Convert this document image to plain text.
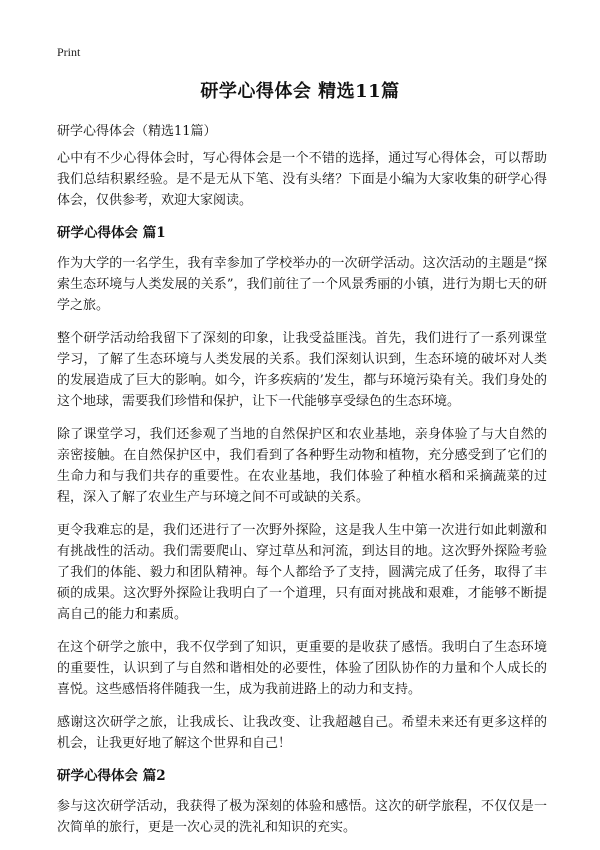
Print
研学心得体会 精选11篇

研学心得体会（精选11篇）

心中有不少心得体会时，写心得体会是一个不错的选择，通过写心得体会，可以帮助我们总结积累经验。是不是无从下笔、没有头绪？下面是小编为大家收集的研学心得体会，仅供参考，欢迎大家阅读。

研学心得体会 篇1

作为大学的一名学生，我有幸参加了学校举办的一次研学活动。这次活动的主题是“探索生态环境与人类发展的关系”，我们前往了一个风景秀丽的小镇，进行为期七天的研学之旅。

整个研学活动给我留下了深刻的印象，让我受益匪浅。首先，我们进行了一系列课堂学习，了解了生态环境与人类发展的关系。我们深刻认识到，生态环境的破坏对人类的发展造成了巨大的影响。如今，许多疾病的’发生，都与环境污染有关。我们身处的这个地球，需要我们珍惜和保护，让下一代能够享受绿色的生态环境。

除了课堂学习，我们还参观了当地的自然保护区和农业基地，亲身体验了与大自然的亲密接触。在自然保护区中，我们看到了各种野生动物和植物，充分感受到了它们的生命力和与我们共存的重要性。在农业基地，我们体验了种植水稻和采摘蔬菜的过程，深入了解了农业生产与环境之间不可或缺的关系。

更令我难忘的是，我们还进行了一次野外探险，这是我人生中第一次进行如此刺激和有挑战性的活动。我们需要爬山、穿过草丛和河流，到达目的地。这次野外探险考验了我们的体能、毅力和团队精神。每个人都给予了支持，圆满完成了任务，取得了丰硕的成果。这次野外探险让我明白了一个道理，只有面对挑战和艰难，才能够不断提高自己的能力和素质。

在这个研学之旅中，我不仅学到了知识，更重要的是收获了感悟。我明白了生态环境的重要性，认识到了与自然和谐相处的必要性，体验了团队协作的力量和个人成长的喜悦。这些感悟将伴随我一生，成为我前进路上的动力和支持。

感谢这次研学之旅，让我成长、让我改变、让我超越自己。希望未来还有更多这样的机会，让我更好地了解这个世界和自己！

研学心得体会 篇2

参与这次研学活动，我获得了极为深刻的体验和感悟。这次的研学旅程，不仅仅是一次简单的旅行，更是一次心灵的洗礼和知识的充实。
